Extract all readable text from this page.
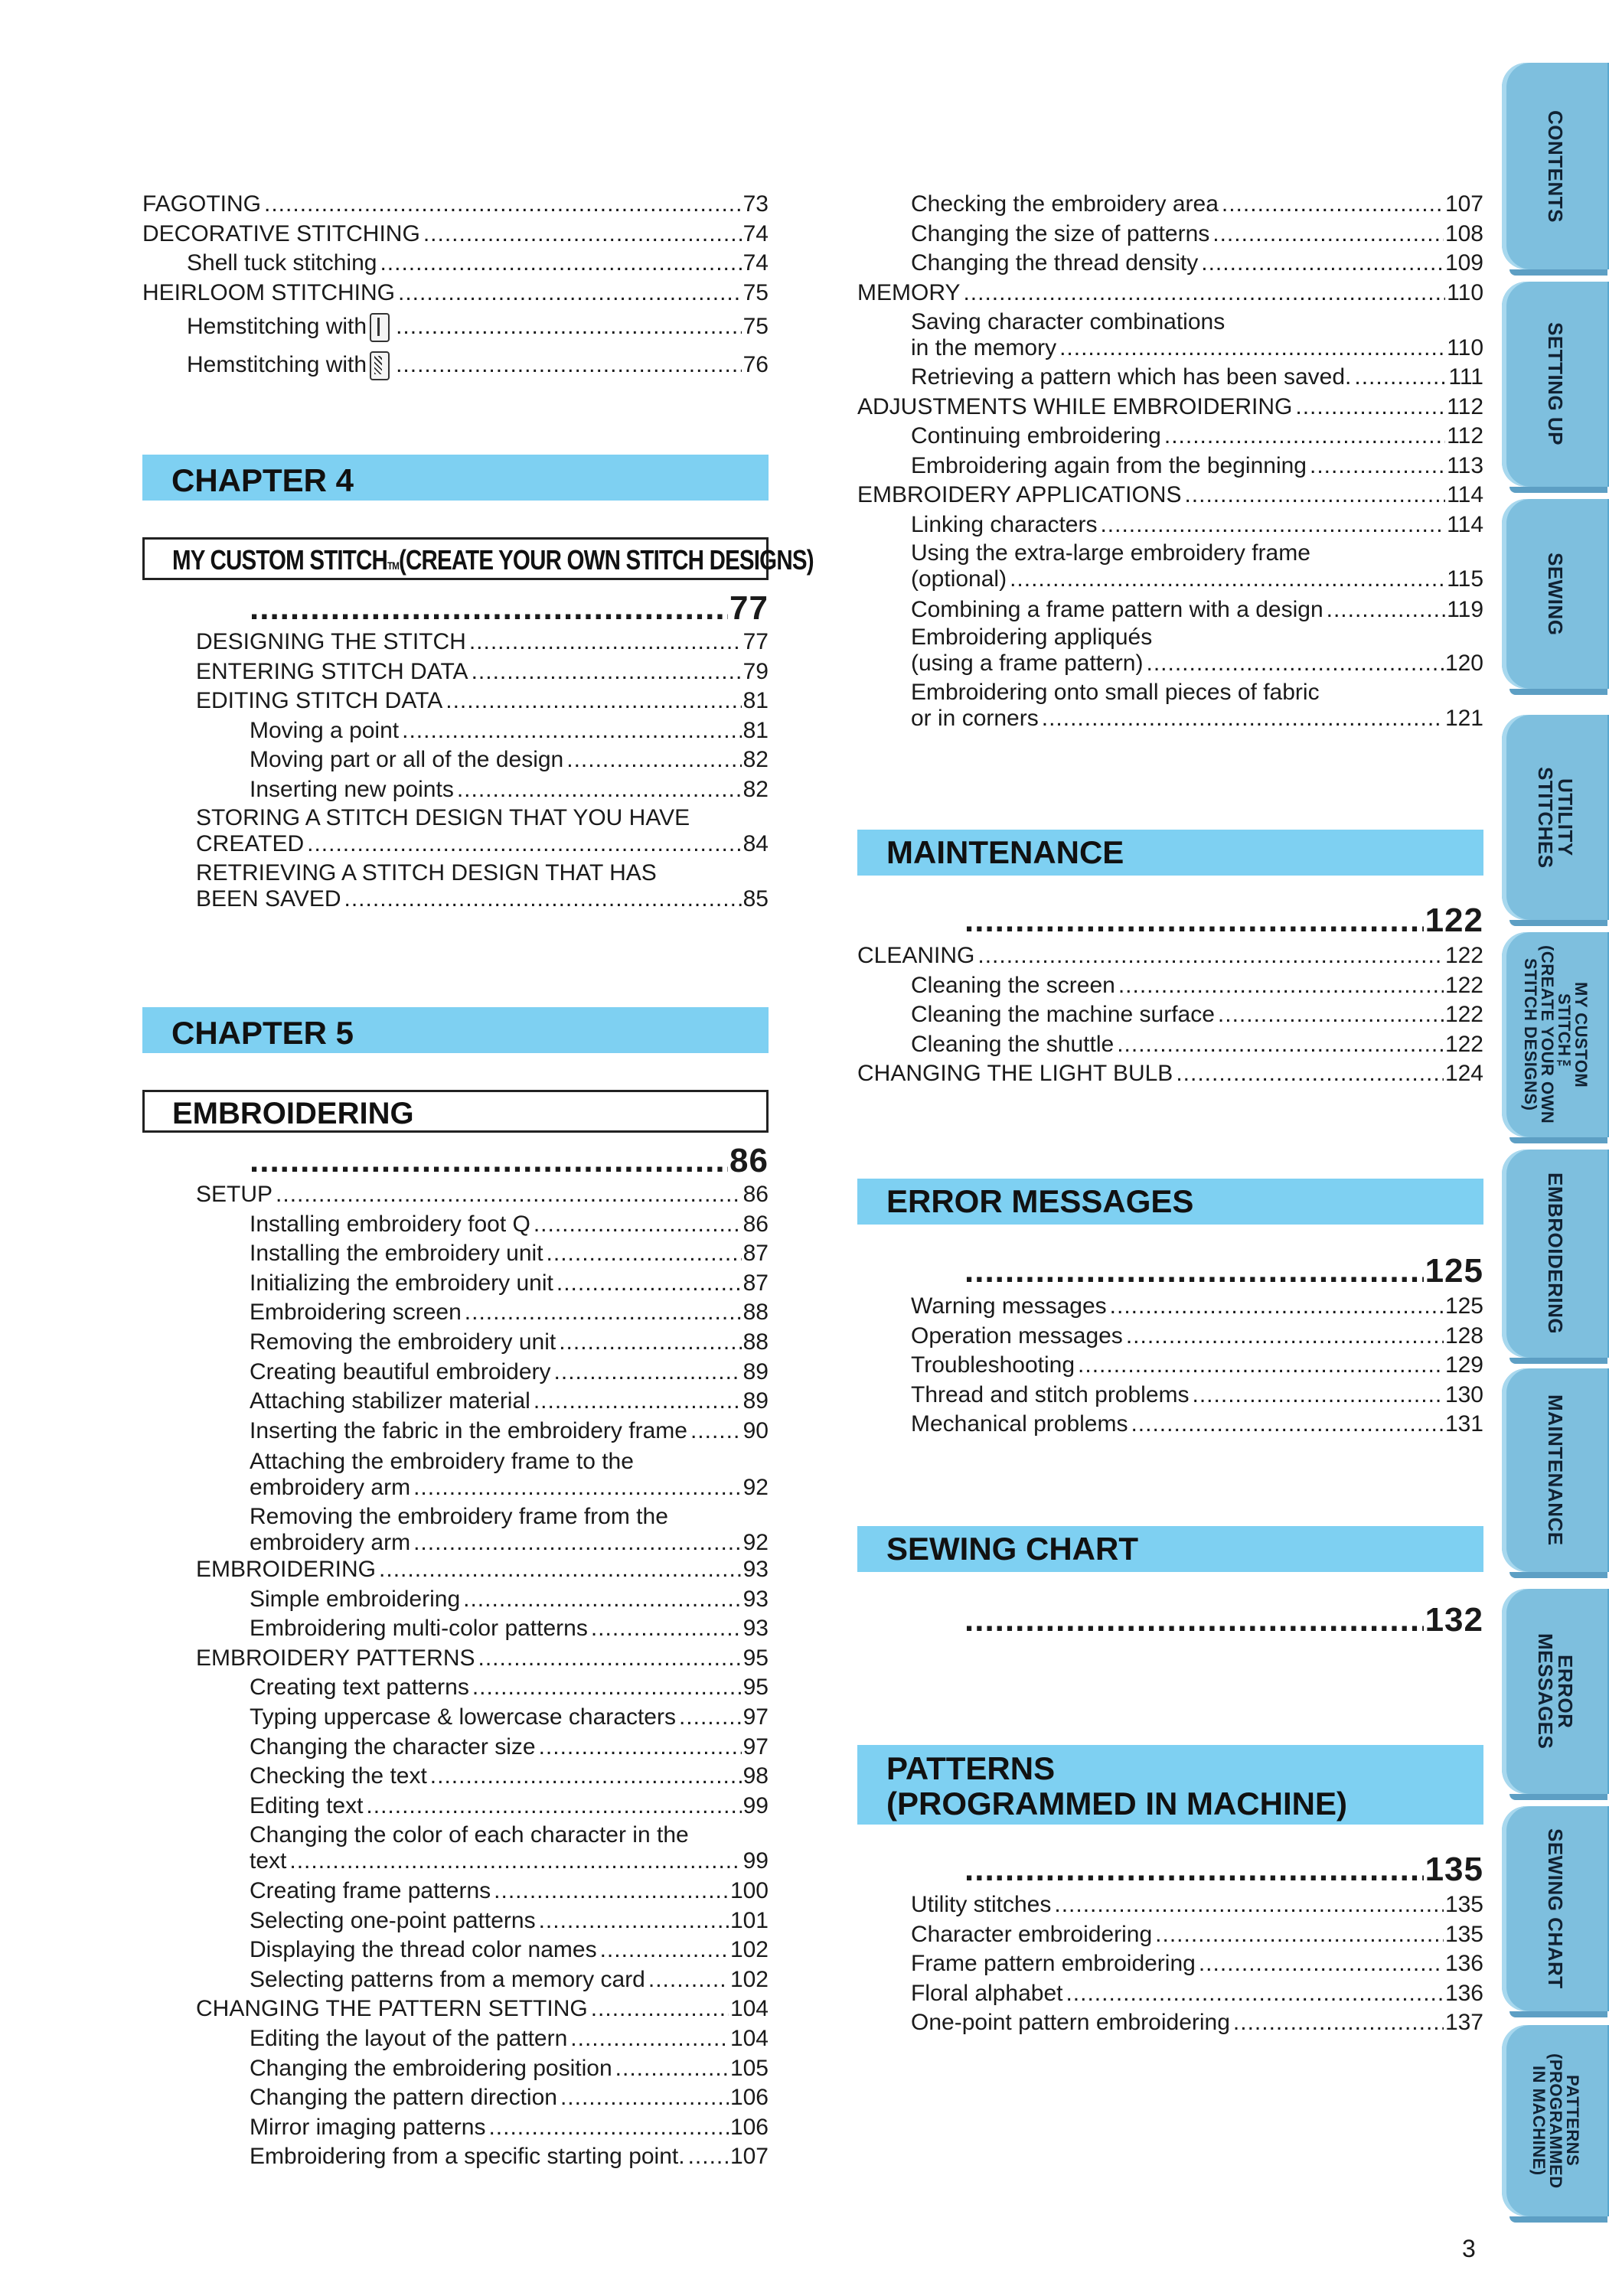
FAGOTING .....	73
DECORATIVE STITCHING .....	74
Shell tuck stitching .....	74
HEIRLOOM STITCHING .....	75
Hemstitching with .....	75
Hemstitching with .....	76
CHAPTER 4
MY CUSTOM STITCHTM(CREATE YOUR OWN STITCH DESIGNS)
.....
77
DESIGNING THE STITCH .....	77
ENTERING STITCH DATA .....	79
EDITING STITCH DATA .....	81
Moving a point .....	81
Moving part or all of the design .....	82
Inserting new points .....	82
STORING A STITCH DESIGN THAT YOU HAVE
CREATED .....	84
RETRIEVING A STITCH DESIGN THAT HAS
BEEN SAVED .....	85
CHAPTER 5
EMBROIDERING
.....
86
SETUP .....	86
Installing embroidery foot Q .....	86
Installing the embroidery unit .....	87
Initializing the embroidery unit .....	87
Embroidering screen .....	88
Removing the embroidery unit .....	88
Creating beautiful embroidery .....	89
Attaching stabilizer material .....	89
Inserting the fabric in the embroidery frame ..... 90
Attaching the embroidery frame to the
embroidery arm .....	92
Removing the embroidery frame from the
embroidery arm .....	92
EMBROIDERING .....	93
Simple embroidering .....	93
Embroidering multi-color patterns .....	93
EMBROIDERY PATTERNS .....	95
Creating text patterns .....	95
Typing uppercase & lowercase characters .....	97
Changing the character size .....	97
Checking the text .....	98
Editing text .....	99
Changing the color of each character in the
text .....	99
Creating frame patterns .....	100
Selecting one-point patterns .....	101
Displaying the thread color names .....	102
Selecting patterns from a memory card .....	102
CHANGING THE PATTERN SETTING .....	104
Editing the layout of the pattern .....	104
Changing the embroidering position .....	105
Changing the pattern direction .....	106
Mirror imaging patterns .....	106
Embroidering from a specific starting point. ..... 107
Checking the embroidery area .....	107
Changing the size of patterns .....	108
Changing the thread density .....	109
MEMORY .....	110
Saving character combinations
in the memory .....	110
Retrieving a pattern which has been saved. .....	111
ADJUSTMENTS WHILE EMBROIDERING .....	112
Continuing embroidering .....	112
Embroidering again from the beginning .....	113
EMBROIDERY APPLICATIONS .....	114
Linking characters .....	114
Using the extra-large embroidery frame
(optional) .....	115
Combining a frame pattern with a design .....	119
Embroidering appliqués
(using a frame pattern) .....	120
Embroidering onto small pieces of fabric
or in corners .....	121
MAINTENANCE
.....
122
CLEANING .....	122
Cleaning the screen .....	122
Cleaning the machine surface .....	122
Cleaning the shuttle .....	122
CHANGING THE LIGHT BULB .....	124
ERROR MESSAGES
.....
125
Warning messages .....	125
Operation messages .....	128
Troubleshooting .....	129
Thread and stitch problems .....	130
Mechanical problems .....	131
SEWING CHART
.....
132
PATTERNS
(PROGRAMMED IN MACHINE)
.....
135
Utility stitches .....	135
Character embroidering .....	135
Frame pattern embroidering .....	136
Floral alphabet .....	136
One-point pattern embroidering .....	137
CONTENTS
SETTING UP
SEWING
UTILITY
STITCHES
MY CUSTOM
STITCH™
(CREATE YOUR OWN
STITCH DESIGNS)
EMBROIDERING
MAINTENANCE
ERROR
MESSAGES
SEWING CHART
PATTERNS
(PROGRAMMED
IN MACHINE)
3
